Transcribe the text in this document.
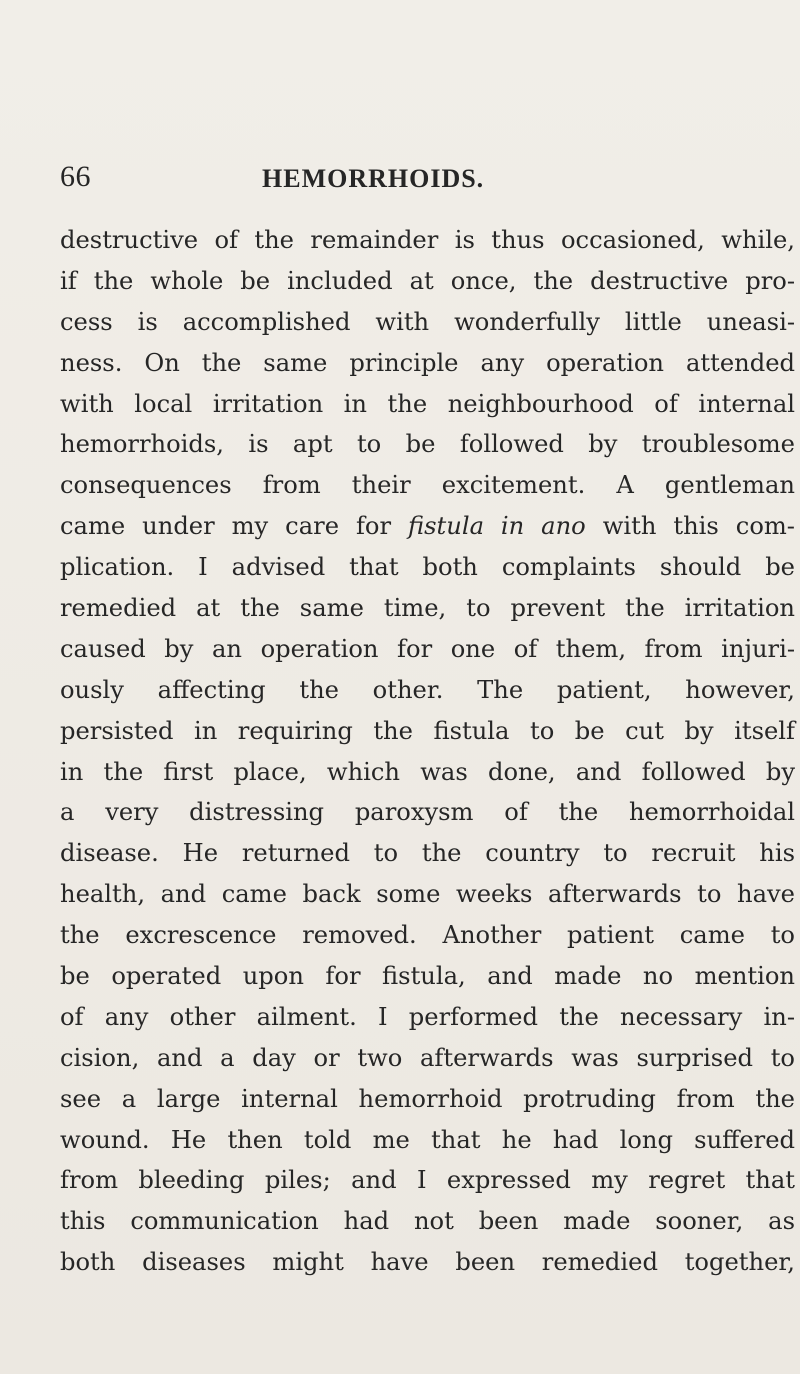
66	HEMORRHOIDS.
destructive of the remainder is thus occasioned, while,
if the whole be included at once, the destructive pro-
cess is accomplished with wonderfully little uneasi-
ness. On the same principle any operation attended
with local irritation in the neighbourhood of internal
hemorrhoids, is apt to be followed by troublesome
consequences from their excitement. A gentleman
came under my care for fistula in ano with this com-
plication. I advised that both complaints should be
remedied at the same time, to prevent the irritation
caused by an operation for one of them, from injuri-
ously affecting the other. The patient, however,
persisted in requiring the fistula to be cut by itself
in the first place, which was done, and followed by
a very distressing paroxysm of the hemorrhoidal
disease. He returned to the country to recruit his
health, and came back some weeks afterwards to have
the excrescence removed. Another patient came to
be operated upon for fistula, and made no mention
of any other ailment. I performed the necessary in-
cision, and a day or two afterwards was surprised to
see a large internal hemorrhoid protruding from the
wound. He then told me that he had long suffered
from bleeding piles; and I expressed my regret that
this communication had not been made sooner, as
both diseases might have been remedied together,
